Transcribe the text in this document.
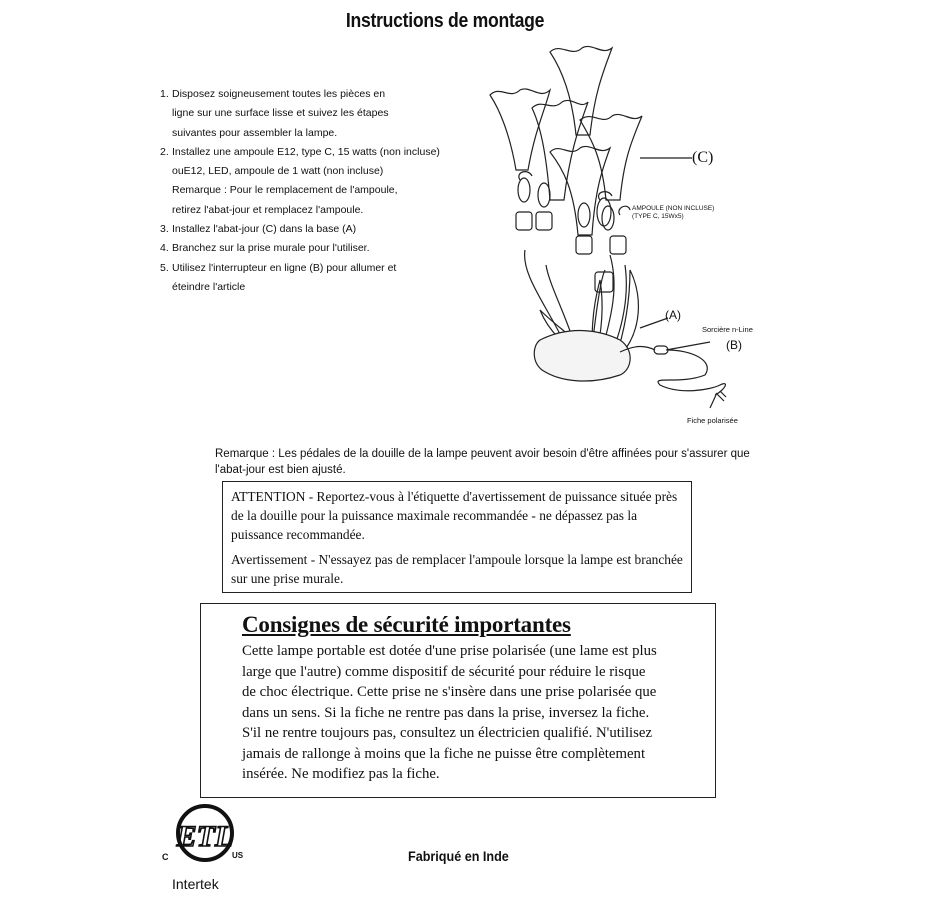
Instructions de montage
1. Disposez soigneusement toutes les pièces en
ligne sur une surface lisse et suivez les étapes
suivantes pour assembler la lampe.
2. Installez une ampoule E12, type C, 15 watts (non incluse)
ouE12, LED, ampoule de 1 watt (non incluse)
Remarque : Pour le remplacement de l'ampoule,
retirez l'abat-jour et remplacez l'ampoule.
3. Installez l'abat-jour (C) dans la base (A)
4. Branchez sur la prise murale pour l'utiliser.
5. Utilisez l'interrupteur en ligne (B) pour allumer et
éteindre l'article
(C)
AMPOULE (NON INCLUSE)
(TYPE C, 15Wx5)
(A)
Sorcière n-Line
(B)
Fiche polarisée
Remarque : Les pédales de la douille de la lampe peuvent avoir besoin d'être affinées pour s'assurer que l'abat-jour est bien ajusté.

ATTENTION - Reportez-vous à l'étiquette d'avertissement de puissance située près de la douille pour la puissance maximale recommandée - ne dépassez pas la puissance recommandée.

Avertissement - N'essayez pas de remplacer l'ampoule lorsque la lampe est branchée sur une prise murale.

Consignes de sécurité importantes
Cette lampe portable est dotée d'une prise polarisée (une lame est plus
large que l'autre) comme dispositif de sécurité pour réduire le risque
de choc électrique. Cette prise ne s'insère dans une prise polarisée que
dans un sens. Si la fiche ne rentre pas dans la prise, inversez la fiche.
S'il ne rentre toujours pas, consultez un électricien qualifié. N'utilisez
jamais de rallonge à moins que la fiche ne puisse être complètement
insérée. Ne modifiez pas la fiche.
ETL
C	US
Intertek
Fabriqué en Inde
